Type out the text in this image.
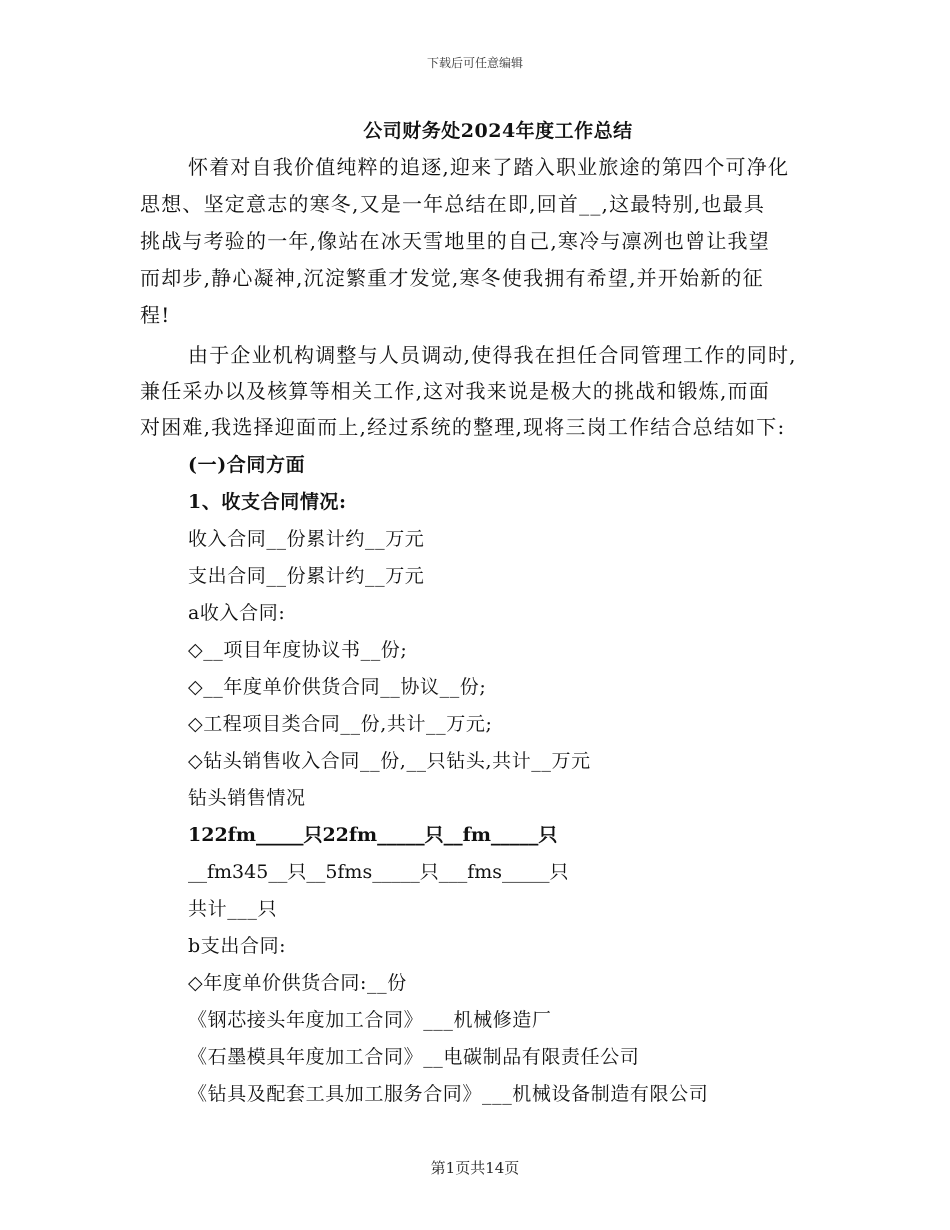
下载后可任意编辑
公司财务处2024年度工作总结
怀着对自我价值纯粹的追逐,迎来了踏入职业旅途的第四个可净化
思想、坚定意志的寒冬,又是一年总结在即,回首__,这最特别,也最具
挑战与考验的一年,像站在冰天雪地里的自己,寒冷与凛冽也曾让我望
而却步,静心凝神,沉淀繁重才发觉,寒冬使我拥有希望,并开始新的征
程!
由于企业机构调整与人员调动,使得我在担任合同管理工作的同时,
兼任采办以及核算等相关工作,这对我来说是极大的挑战和锻炼,而面
对困难,我选择迎面而上,经过系统的整理,现将三岗工作结合总结如下:
(一)合同方面
1、收支合同情况:
收入合同__份累计约__万元
支出合同__份累计约__万元
a收入合同:
◇__项目年度协议书__份;
◇__年度单价供货合同__协议__份;
◇工程项目类合同__份,共计__万元;
◇钻头销售收入合同__份,__只钻头,共计__万元
钻头销售情况
122fm_____只22fm_____只__fm_____只
__fm345__只__5fms_____只___fms_____只
共计___只
b支出合同:
◇年度单价供货合同:__份
《钢芯接头年度加工合同》___机械修造厂
《石墨模具年度加工合同》__电碳制品有限责任公司
《钻具及配套工具加工服务合同》___机械设备制造有限公司
第1页共14页
